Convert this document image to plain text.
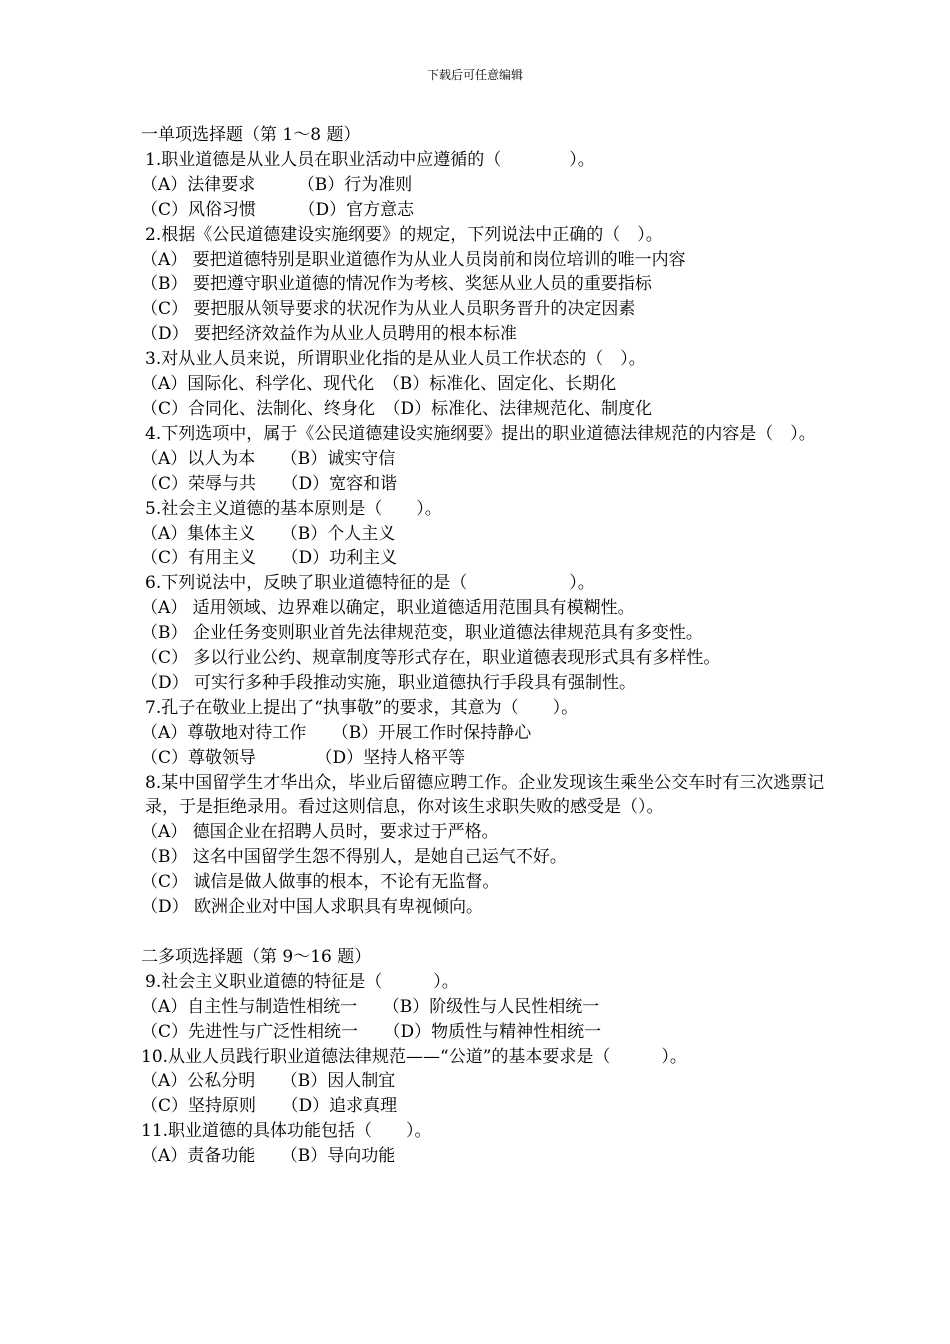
下载后可任意编辑
一单项选择题（第 1～8 题）
1.职业道德是从业人员在职业活动中应遵循的（　　　　）。
（A）法律要求　　　（B）行为准则
（C）风俗习惯　　　（D）官方意志
2.根据《公民道德建设实施纲要》的规定，下列说法中正确的（　）。
（A） 要把道德特别是职业道德作为从业人员岗前和岗位培训的唯一内容
（B） 要把遵守职业道德的情况作为考核、奖惩从业人员的重要指标
（C） 要把服从领导要求的状况作为从业人员职务晋升的决定因素
（D） 要把经济效益作为从业人员聘用的根本标准
3.对从业人员来说，所谓职业化指的是从业人员工作状态的（　）。
（A）国际化、科学化、现代化　（B）标准化、固定化、长期化
（C）合同化、法制化、终身化　（D）标准化、法律规范化、制度化
4.下列选项中，属于《公民道德建设实施纲要》提出的职业道德法律规范的内容是（　）。
（A）以人为本　　（B）诚实守信
（C）荣辱与共　　（D）宽容和谐
5.社会主义道德的基本原则是（　　）。
（A）集体主义　　（B）个人主义
（C）有用主义　　（D）功利主义
6.下列说法中，反映了职业道德特征的是（　　　　　　）。
（A） 适用领域、边界难以确定，职业道德适用范围具有模糊性。
（B） 企业任务变则职业首先法律规范变，职业道德法律规范具有多变性。
（C） 多以行业公约、规章制度等形式存在，职业道德表现形式具有多样性。
（D） 可实行多种手段推动实施，职业道德执行手段具有强制性。
7.孔子在敬业上提出了“执事敬”的要求，其意为（　　）。
（A）尊敬地对待工作　　（B）开展工作时保持静心
（C）尊敬领导　　　　（D）坚持人格平等
8.某中国留学生才华出众，毕业后留德应聘工作。企业发现该生乘坐公交车时有三次逃票记录，于是拒绝录用。看过这则信息，你对该生求职失败的感受是（）。
（A） 德国企业在招聘人员时，要求过于严格。
（B） 这名中国留学生怨不得别人，是她自己运气不好。
（C） 诚信是做人做事的根本，不论有无监督。
（D） 欧洲企业对中国人求职具有卑视倾向。
二多项选择题（第 9～16 题）
9.社会主义职业道德的特征是（　　　）。
（A）自主性与制造性相统一　　（B）阶级性与人民性相统一
（C）先进性与广泛性相统一　　（D）物质性与精神性相统一
10.从业人员践行职业道德法律规范——“公道”的基本要求是（　　　）。
（A）公私分明　　（B）因人制宜
（C）坚持原则　　（D）追求真理
11.职业道德的具体功能包括（　　）。
（A）责备功能　　（B）导向功能
